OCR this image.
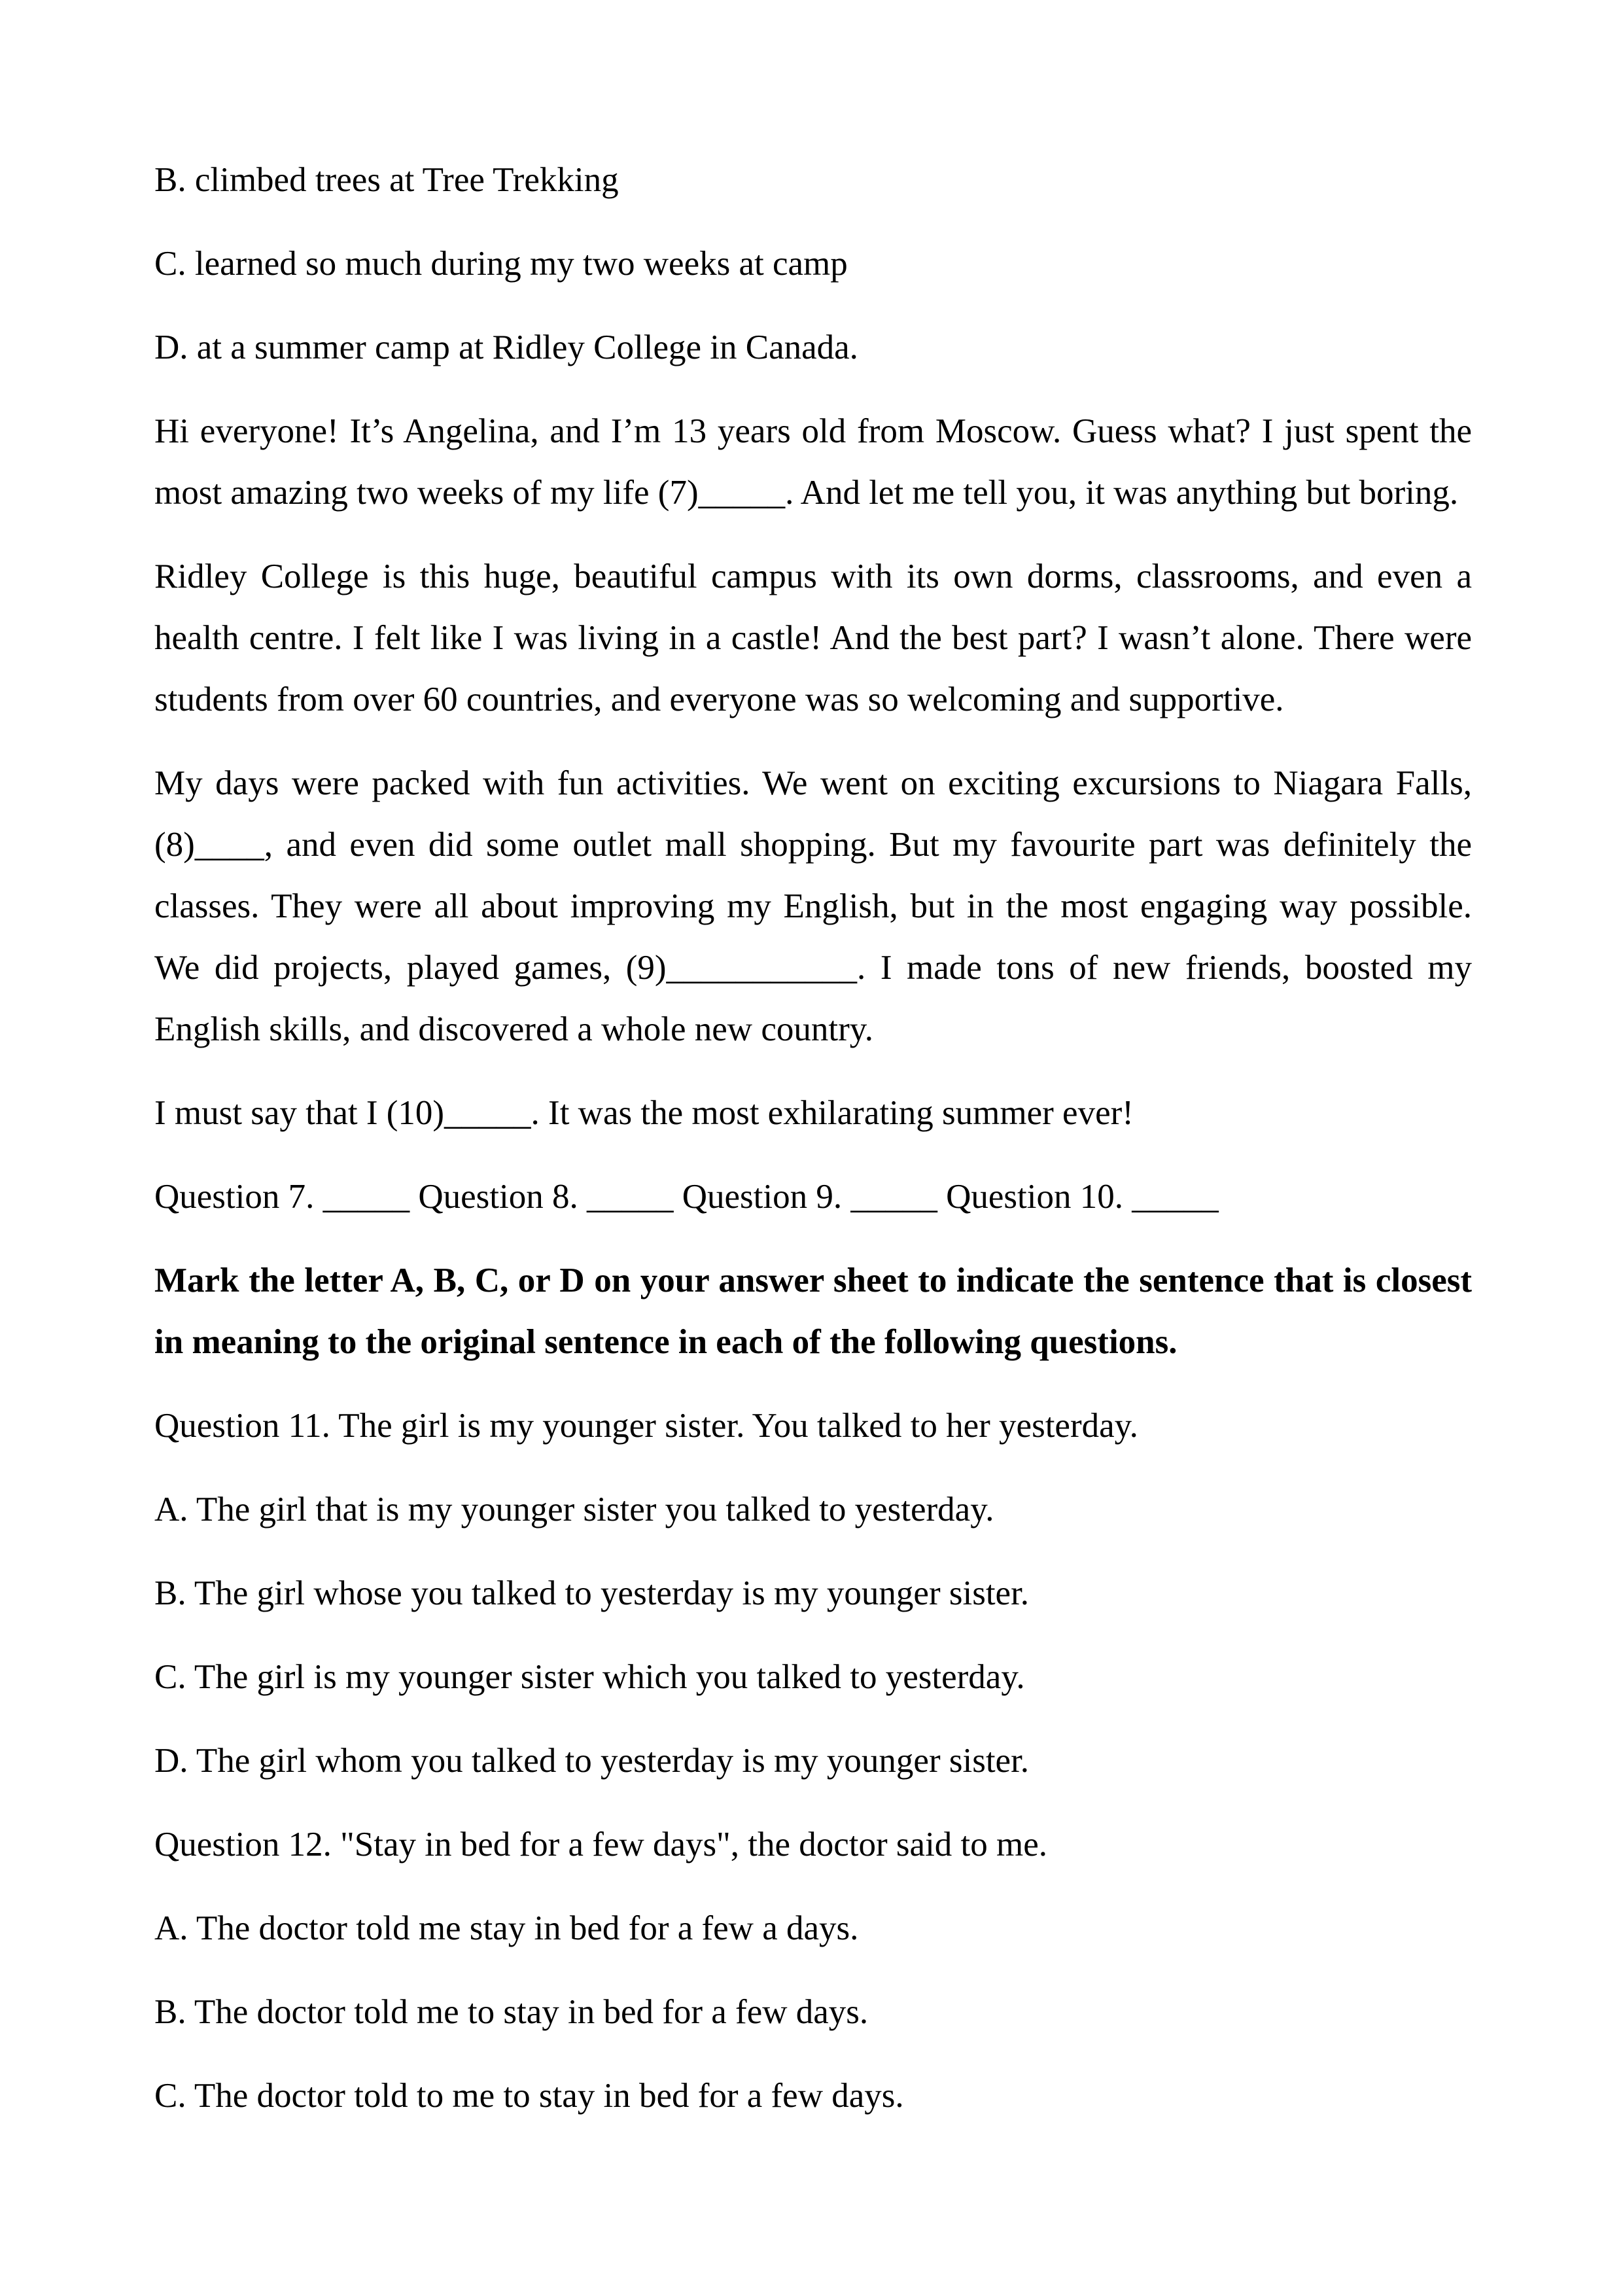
B. climbed trees at Tree Trekking

C. learned so much during my two weeks at camp

D. at a summer camp at Ridley College in Canada.

Hi everyone! It’s Angelina, and I’m 13 years old from Moscow. Guess what? I just spent the most amazing two weeks of my life (7)_____. And let me tell you, it was anything but boring.

Ridley College is this huge, beautiful campus with its own dorms, classrooms, and even a health centre. I felt like I was living in a castle! And the best part? I wasn’t alone. There were students from over 60 countries, and everyone was so welcoming and supportive.

My days were packed with fun activities. We went on exciting excursions to Niagara Falls, (8)____, and even did some outlet mall shopping. But my favourite part was definitely the classes. They were all about improving my English, but in the most engaging way possible. We did projects, played games, (9)___________. I made tons of new friends, boosted my English skills, and discovered a whole new country.

I must say that I (10)_____. It was the most exhilarating summer ever!

Question 7. _____ Question 8. _____ Question 9. _____ Question 10. _____

Mark the letter A, B, C, or D on your answer sheet to indicate the sentence that is closest in meaning to the original sentence in each of the following questions.

Question 11. The girl is my younger sister. You talked to her yesterday.

A. The girl that is my younger sister you talked to yesterday.

B. The girl whose you talked to yesterday is my younger sister.

C. The girl is my younger sister which you talked to yesterday.

D. The girl whom you talked to yesterday is my younger sister.

Question 12. "Stay in bed for a few days", the doctor said to me.

A. The doctor told me stay in bed for a few a days.

B. The doctor told me to stay in bed for a few days.

C. The doctor told to me to stay in bed for a few days.
